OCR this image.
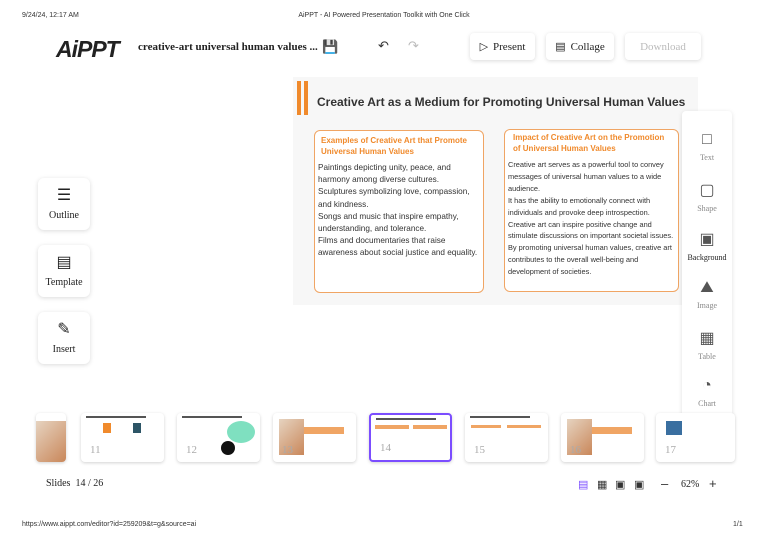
9/24/24, 12:17 AM	AiPPT - AI Powered Presentation Toolkit with One Click
AiPPT creative-art universal human values ... 💾	↶ ↷	▷ Present	▤ Collage	Download
Creative Art as a Medium for Promoting Universal Human Values
Examples of Creative Art that Promote Universal Human Values
Paintings depicting unity, peace, and harmony among diverse cultures.
Sculptures symbolizing love, compassion, and kindness.
Songs and music that inspire empathy, understanding, and tolerance.
Films and documentaries that raise awareness about social justice and equality.
Impact of Creative Art on the Promotion of Universal Human Values
Creative art serves as a powerful tool to convey messages of universal human values to a wide audience.
It has the ability to emotionally connect with individuals and provoke deep introspection.
Creative art can inspire positive change and stimulate discussions on important societal issues.
By promoting universal human values, creative art contributes to the overall well-being and development of societies.
☰
Outline
▤
Template
✎
Insert
□
Text
▢
Shape
▣
Background
⛰
Image
▦
Table
◔
Chart
11	12	13	14	15	16	17
Slides 14 / 26	▤ ▦ ▣ ▣ – 62% +
https://www.aippt.com/editor?id=259209&t=g&source=ai	1/1
